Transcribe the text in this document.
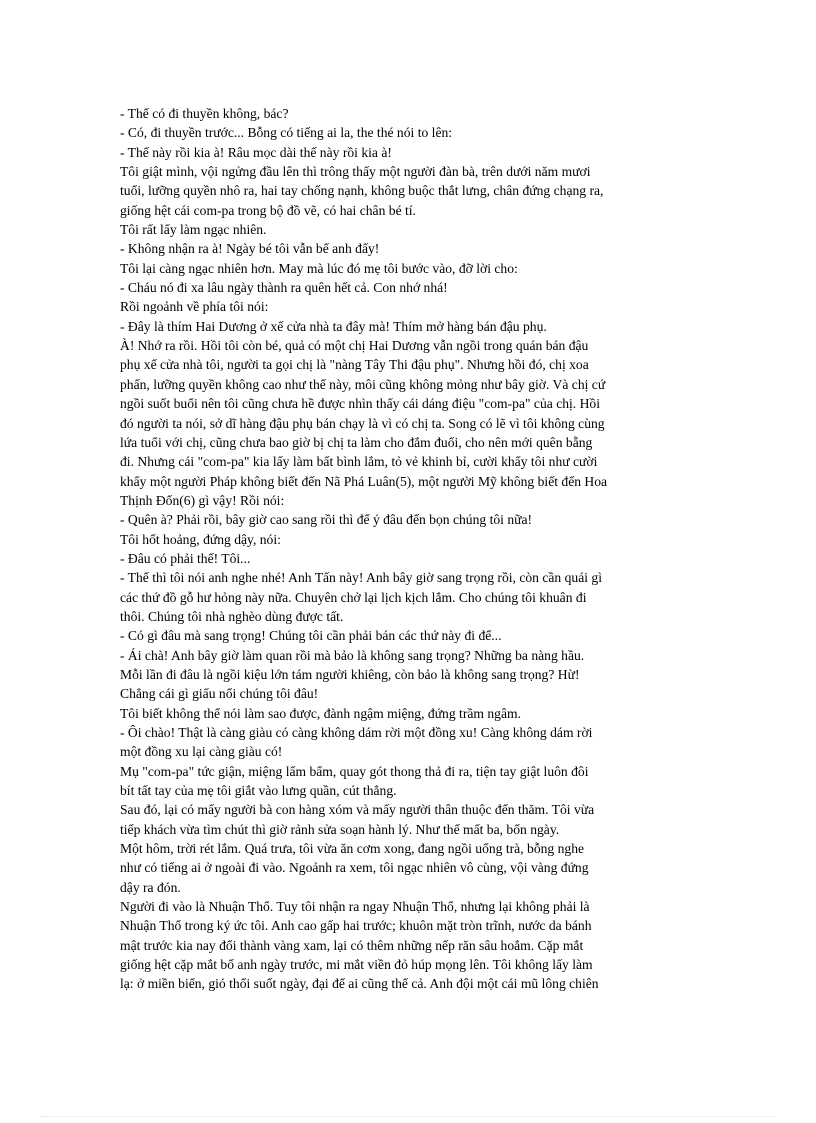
- Thế có đi thuyền không, bác?
- Có, đi thuyền trước... Bỗng có tiếng ai la, the thé nói to lên:
- Thế này rồi kia à! Râu mọc dài thế này rồi kia à!
Tôi giật mình, vội ngửng đầu lên thì trông thấy một người đàn bà, trên dưới năm mươi
tuổi, lưỡng quyền nhô ra, hai tay chống nạnh, không buộc thắt lưng, chân đứng chạng ra,
giống hệt cái com-pa trong bộ đồ vẽ, có hai chân bé tí.
Tôi rất lấy làm ngạc nhiên.
- Không nhận ra à! Ngày bé tôi vẫn bế anh đấy!
Tôi lại càng ngạc nhiên hơn. May mà lúc đó mẹ tôi bước vào, đỡ lời cho:
- Cháu nó đi xa lâu ngày thành ra quên hết cả. Con nhớ nhá!
Rồi ngoảnh về phía tôi nói:
- Đây là thím Hai Dương ở xế cửa nhà ta đây mà! Thím mở hàng bán đậu phụ.
À! Nhớ ra rồi. Hồi tôi còn bé, quả có một chị Hai Dương vẫn ngồi trong quán bán đậu
phụ xế cửa nhà tôi, người ta gọi chị là "nàng Tây Thi đậu phụ". Nhưng hồi đó, chị xoa
phấn, lưỡng quyền không cao như thế này, môi cũng không mỏng như bây giờ. Và chị cứ
ngồi suốt buổi nên tôi cũng chưa hề được nhìn thấy cái dáng điệu "com-pa" của chị. Hồi
đó người ta nói, sở dĩ hàng đậu phụ bán chạy là vì có chị ta. Song có lẽ vì tôi không cùng
lứa tuổi với chị, cũng chưa bao giờ bị chị ta làm cho đắm đuối, cho nên mới quên bẵng
đi. Nhưng cái "com-pa" kia lấy làm bất bình lắm, tỏ vẻ khinh bỉ, cười khẩy tôi như cười
khẩy một người Pháp không biết đến Nã Phá Luân(5), một người Mỹ không biết đến Hoa
Thịnh Đốn(6) gì vậy! Rồi nói:
- Quên à? Phải rồi, bây giờ cao sang rồi thì để ý đâu đến bọn chúng tôi nữa!
Tôi hốt hoảng, đứng dậy, nói:
- Đâu có phải thế! Tôi...
- Thế thì tôi nói anh nghe nhé! Anh Tấn này! Anh bây giờ sang trọng rồi, còn cần quái gì
các thứ đồ gỗ hư hỏng này nữa. Chuyên chở lại lịch kịch lắm. Cho chúng tôi khuân đi
thôi. Chúng tôi nhà nghèo dùng được tất.
- Có gì đâu mà sang trọng! Chúng tôi cần phải bán các thứ này đi để...
- Ái chà! Anh bây giờ làm quan rồi mà bảo là không sang trọng? Những ba nàng hầu.
Mỗi lần đi đâu là ngồi kiệu lớn tám người khiêng, còn bảo là không sang trọng? Hừ!
Chẳng cái gì giấu nổi chúng tôi đâu!
Tôi biết không thể nói làm sao được, đành ngậm miệng, đứng trầm ngâm.
- Ôi chào! Thật là càng giàu có càng không dám rời một đồng xu! Càng không dám rời
một đồng xu lại càng giàu có!
Mụ "com-pa" tức giận, miệng lẩm bẩm, quay gót thong thả đi ra, tiện tay giật luôn đôi
bít tất tay của mẹ tôi giắt vào lưng quần, cút thẳng.
Sau đó, lại có mấy người bà con hàng xóm và mấy người thân thuộc đến thăm. Tôi vừa
tiếp khách vừa tìm chút thì giờ rảnh sửa soạn hành lý. Như thế mất ba, bốn ngày.
Một hôm, trời rét lắm. Quá trưa, tôi vừa ăn cơm xong, đang ngồi uống trà, bỗng nghe
như có tiếng ai ở ngoài đi vào. Ngoảnh ra xem, tôi ngạc nhiên vô cùng, vội vàng đứng
dậy ra đón.
Người đi vào là Nhuận Thổ. Tuy tôi nhận ra ngay Nhuận Thổ, nhưng lại không phải là
Nhuận Thổ trong ký ức tôi. Anh cao gấp hai trước; khuôn mặt tròn trĩnh, nước da bánh
mật trước kia nay đổi thành vàng xam, lại có thêm những nếp răn sâu hoắm. Cặp mắt
giống hệt cặp mắt bố anh ngày trước, mi mắt viền đỏ húp mọng lên. Tôi không lấy làm
lạ: ở miền biển, gió thổi suốt ngày, đại để ai cũng thế cả. Anh đội một cái mũ lông chiên
